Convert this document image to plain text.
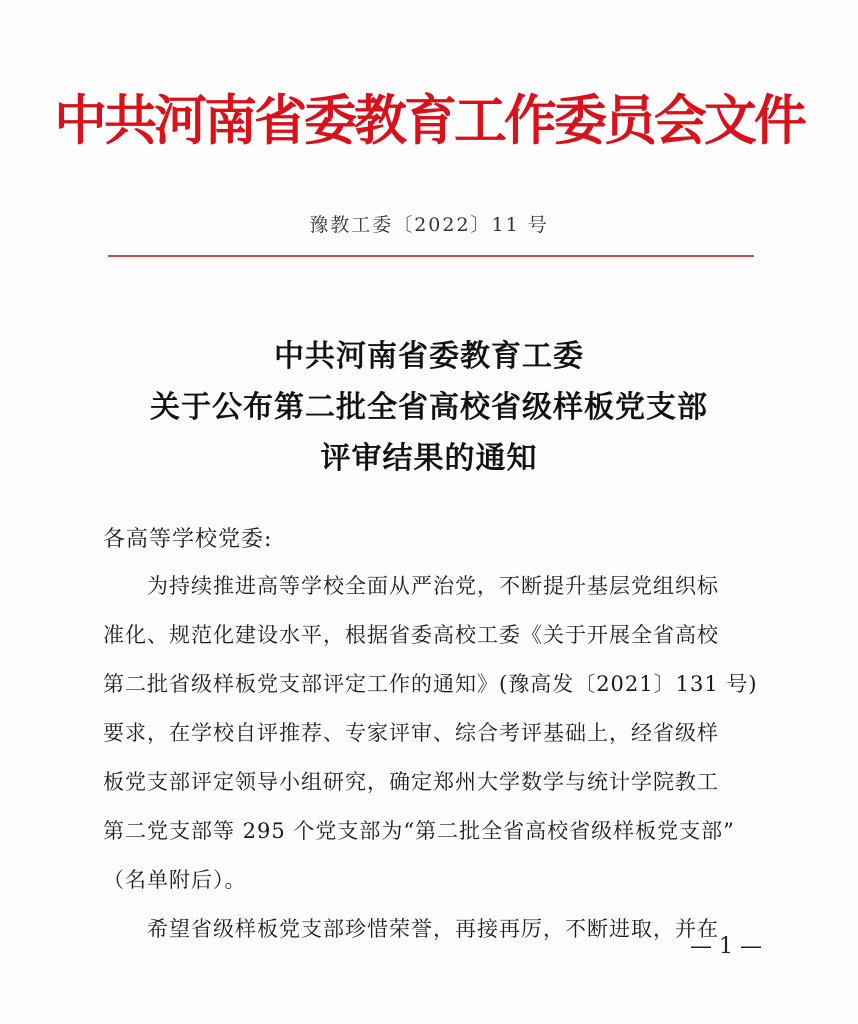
中共河南省委教育工作委员会文件
豫教工委〔2022〕11 号
中共河南省委教育工委
关于公布第二批全省高校省级样板党支部
评审结果的通知
各高等学校党委:
　　为持续推进高等学校全面从严治党，不断提升基层党组织标
准化、规范化建设水平，根据省委高校工委《关于开展全省高校
第二批省级样板党支部评定工作的通知》(豫高发〔2021〕131 号)
要求，在学校自评推荐、专家评审、综合考评基础上，经省级样
板党支部评定领导小组研究，确定郑州大学数学与统计学院教工
第二党支部等 295 个党支部为“第二批全省高校省级样板党支部”
（名单附后）。
— 1 —
　　希望省级样板党支部珍惜荣誉，再接再厉，不断进取，并在
